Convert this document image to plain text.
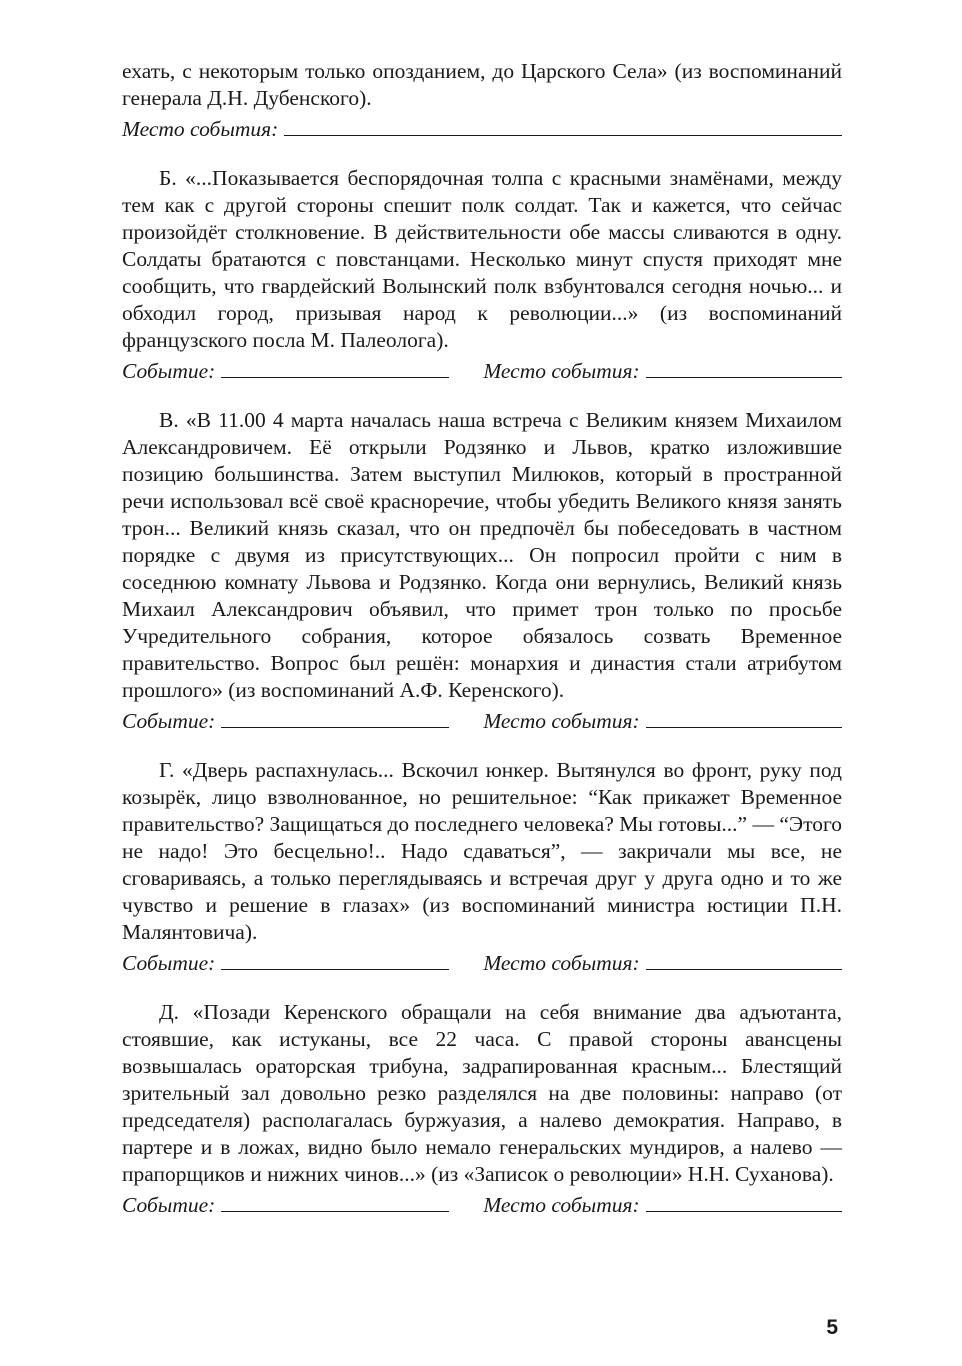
ехать, с некоторым только опозданием, до Царского Села» (из воспоминаний генерала Д.Н. Дубенского).

Место события:

Б. «...Показывается беспорядочная толпа с красными знамёнами, между тем как с другой стороны спешит полк солдат. Так и кажется, что сейчас произойдёт столкновение. В действительности обе массы сливаются в одну. Солдаты братаются с повстанцами. Несколько минут спустя приходят мне сообщить, что гвардейский Волынский полк взбунтовался сегодня ночью... и обходил город, призывая народ к революции...» (из воспоминаний французского посла М. Палеолога).

Событие:	Место события:

В. «В 11.00 4 марта началась наша встреча с Великим князем Михаилом Александровичем. Её открыли Родзянко и Львов, кратко изложившие позицию большинства. Затем выступил Милюков, который в пространной речи использовал всё своё красноречие, чтобы убедить Великого князя занять трон... Великий князь сказал, что он предпочёл бы побеседовать в частном порядке с двумя из присутствующих... Он попросил пройти с ним в соседнюю комнату Львова и Родзянко. Когда они вернулись, Великий князь Михаил Александрович объявил, что примет трон только по просьбе Учредительного собрания, которое обязалось созвать Временное правительство. Вопрос был решён: монархия и династия стали атрибутом прошлого» (из воспоминаний А.Ф. Керенского).

Событие:	Место события:

Г. «Дверь распахнулась... Вскочил юнкер. Вытянулся во фронт, руку под козырёк, лицо взволнованное, но решительное: “Как прикажет Временное правительство? Защищаться до последнего человека? Мы готовы...” — “Этого не надо! Это бесцельно!.. Надо сдаваться”, — закричали мы все, не сговариваясь, а только переглядываясь и встречая друг у друга одно и то же чувство и решение в глазах» (из воспоминаний министра юстиции П.Н. Малянтовича).

Событие:	Место события:

Д. «Позади Керенского обращали на себя внимание два адъютанта, стоявшие, как истуканы, все 22 часа. С правой стороны авансцены возвышалась ораторская трибуна, задрапированная красным... Блестящий зрительный зал довольно резко разделялся на две половины: направо (от председателя) располагалась буржуазия, а налево демократия. Направо, в партере и в ложах, видно было немало генеральских мундиров, а налево — прапорщиков и нижних чинов...» (из «Записок о революции» Н.Н. Суханова).

Событие:	Место события:
5
